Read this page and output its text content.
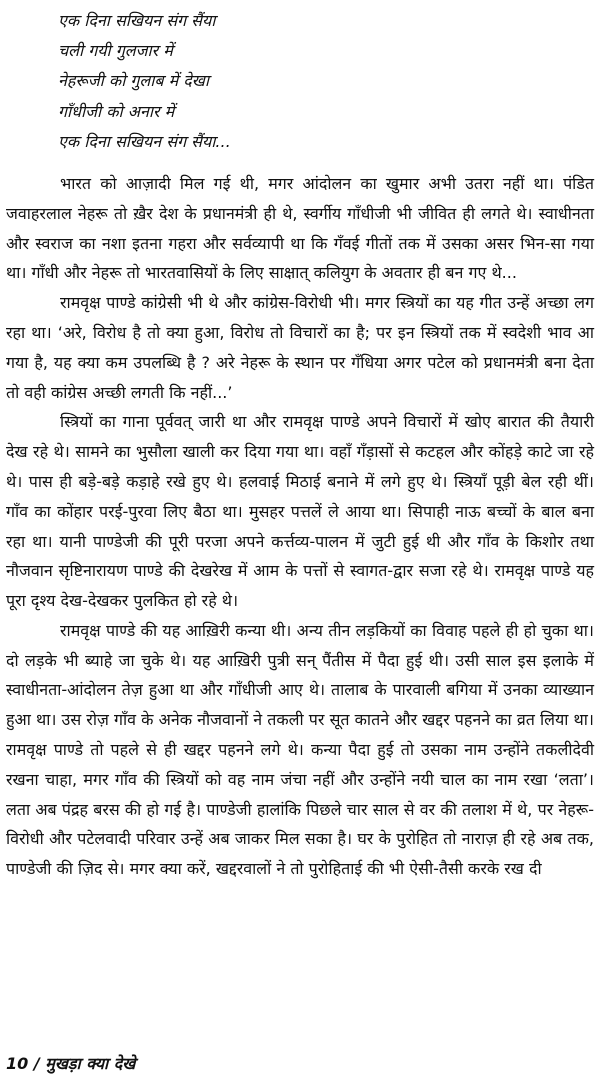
एक दिना सखियन संग सैंया
चली गयी गुलजार में
नेहरूजी को गुलाब में देखा
गाँधीजी को अनार में
एक दिना सखियन संग सैंया...

भारत को आज़ादी मिल गई थी, मगर आंदोलन का खुमार अभी उतरा नहीं था। पंडित जवाहरलाल नेहरू तो ख़ैर देश के प्रधानमंत्री ही थे, स्वर्गीय गाँधीजी भी जीवित ही लगते थे। स्वाधीनता और स्वराज का नशा इतना गहरा और सर्वव्यापी था कि गँवई गीतों तक में उसका असर भिन-सा गया था। गाँधी और नेहरू तो भारतवासियों के लिए साक्षात् कलियुग के अवतार ही बन गए थे...

रामवृक्ष पाण्डे कांग्रेसी भी थे और कांग्रेस-विरोधी भी। मगर स्त्रियों का यह गीत उन्हें अच्छा लग रहा था। ‘अरे, विरोध है तो क्या हुआ, विरोध तो विचारों का है; पर इन स्त्रियों तक में स्वदेशी भाव आ गया है, यह क्या कम उपलब्धि है ? अरे नेहरू के स्थान पर गँधिया अगर पटेल को प्रधानमंत्री बना देता तो वही कांग्रेस अच्छी लगती कि नहीं...’

स्त्रियों का गाना पूर्ववत् जारी था और रामवृक्ष पाण्डे अपने विचारों में खोए बारात की तैयारी देख रहे थे। सामने का भुसौला खाली कर दिया गया था। वहाँ गँड़ासों से कटहल और कोंहड़े काटे जा रहे थे। पास ही बड़े-बड़े कड़ाहे रखे हुए थे। हलवाई मिठाई बनाने में लगे हुए थे। स्त्रियाँ पूड़ी बेल रही थीं। गाँव का कोंहार परई-पुरवा लिए बैठा था। मुसहर पत्तलें ले आया था। सिपाही नाऊ बच्चों के बाल बना रहा था। यानी पाण्डेजी की पूरी परजा अपने कर्त्तव्य-पालन में जुटी हुई थी और गाँव के किशोर तथा नौजवान सृष्टिनारायण पाण्डे की देखरेख में आम के पत्तों से स्वागत-द्वार सजा रहे थे। रामवृक्ष पाण्डे यह पूरा दृश्य देख-देखकर पुलकित हो रहे थे।

रामवृक्ष पाण्डे की यह आख़िरी कन्या थी। अन्य तीन लड़कियों का विवाह पहले ही हो चुका था। दो लड़के भी ब्याहे जा चुके थे। यह आख़िरी पुत्री सन् पैंतीस में पैदा हुई थी। उसी साल इस इलाके में स्वाधीनता-आंदोलन तेज़ हुआ था और गाँधीजी आए थे। तालाब के पारवाली बगिया में उनका व्याख्यान हुआ था। उस रोज़ गाँव के अनेक नौजवानों ने तकली पर सूत कातने और खद्दर पहनने का व्रत लिया था। रामवृक्ष पाण्डे तो पहले से ही खद्दर पहनने लगे थे। कन्या पैदा हुई तो उसका नाम उन्होंने तकलीदेवी रखना चाहा, मगर गाँव की स्त्रियों को वह नाम जंचा नहीं और उन्होंने नयी चाल का नाम रखा ‘लता’। लता अब पंद्रह बरस की हो गई है। पाण्डेजी हालांकि पिछले चार साल से वर की तलाश में थे, पर नेहरू-विरोधी और पटेलवादी परिवार उन्हें अब जाकर मिल सका है। घर के पुरोहित तो नाराज़ ही रहे अब तक, पाण्डेजी की ज़िद से। मगर क्या करें, खद्दरवालों ने तो पुरोहिताई की भी ऐसी-तैसी करके रख दी

10 / मुखड़ा क्या देखे
